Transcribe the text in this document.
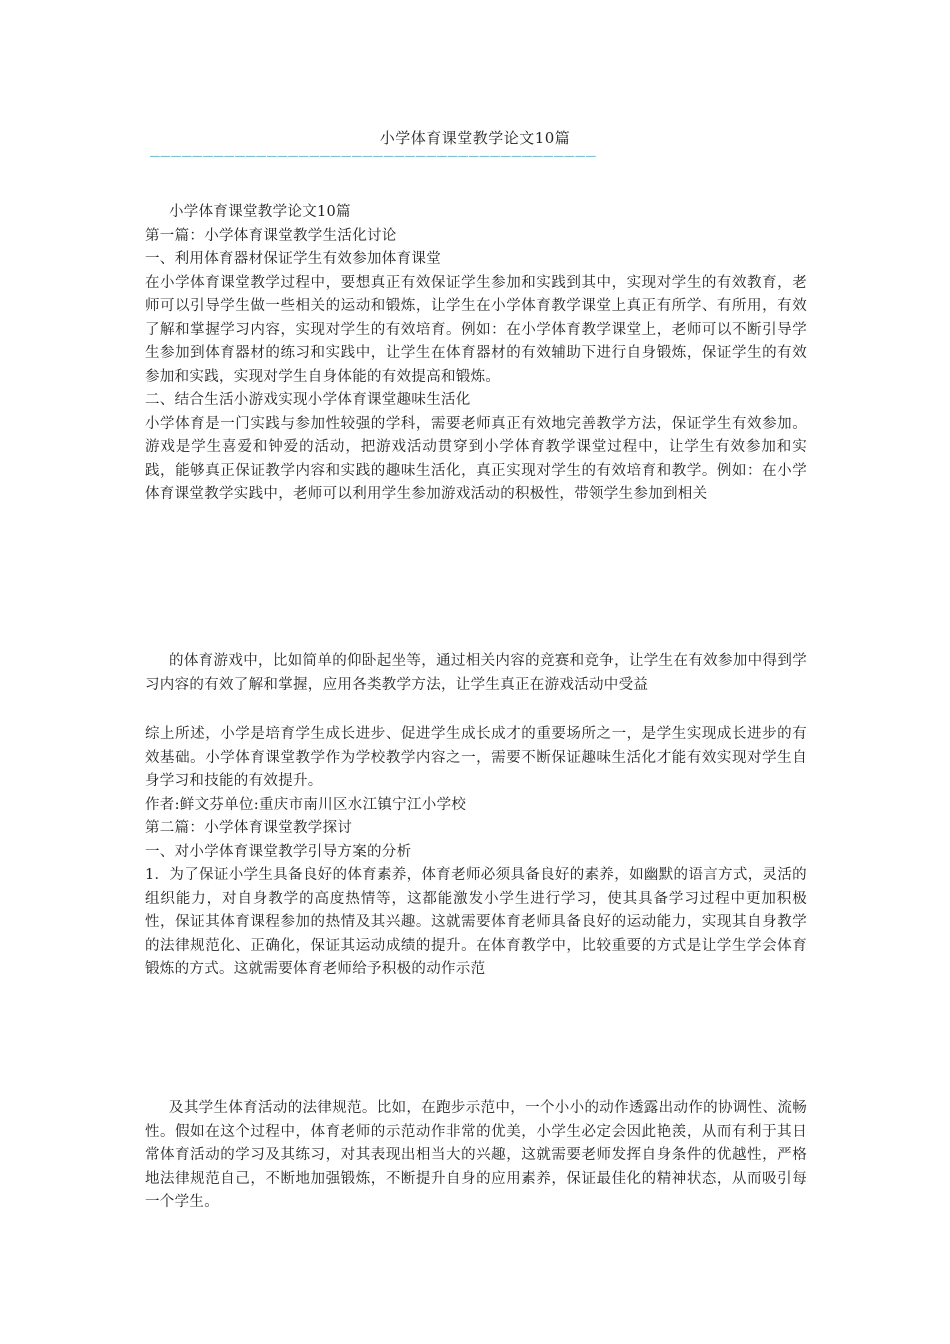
小学体育课堂教学论文10篇
——————————————————————————————————————————

小学体育课堂教学论文10篇

第一篇：小学体育课堂教学生活化讨论

一、利用体育器材保证学生有效参加体育课堂

在小学体育课堂教学过程中，要想真正有效保证学生参加和实践到其中，实现对学生的有效教育，老师可以引导学生做一些相关的运动和锻炼，让学生在小学体育教学课堂上真正有所学、有所用，有效了解和掌握学习内容，实现对学生的有效培育。例如：在小学体育教学课堂上，老师可以不断引导学生参加到体育器材的练习和实践中，让学生在体育器材的有效辅助下进行自身锻炼，保证学生的有效参加和实践，实现对学生自身体能的有效提高和锻炼。

二、结合生活小游戏实现小学体育课堂趣味生活化

小学体育是一门实践与参加性较强的学科，需要老师真正有效地完善教学方法，保证学生有效参加。游戏是学生喜爱和钟爱的活动，把游戏活动贯穿到小学体育教学课堂过程中，让学生有效参加和实践，能够真正保证教学内容和实践的趣味生活化，真正实现对学生的有效培育和教学。例如：在小学体育课堂教学实践中，老师可以利用学生参加游戏活动的积极性，带领学生参加到相关

的体育游戏中，比如简单的仰卧起坐等，通过相关内容的竞赛和竞争，让学生在有效参加中得到学习内容的有效了解和掌握，应用各类教学方法，让学生真正在游戏活动中受益

综上所述，小学是培育学生成长进步、促进学生成长成才的重要场所之一，是学生实现成长进步的有效基础。小学体育课堂教学作为学校教学内容之一，需要不断保证趣味生活化才能有效实现对学生自身学习和技能的有效提升。

作者:鲜文芬单位:重庆市南川区水江镇宁江小学校

第二篇：小学体育课堂教学探讨

一、对小学体育课堂教学引导方案的分析

1．为了保证小学生具备良好的体育素养，体育老师必须具备良好的素养，如幽默的语言方式，灵活的组织能力，对自身教学的高度热情等，这都能激发小学生进行学习，使其具备学习过程中更加积极性，保证其体育课程参加的热情及其兴趣。这就需要体育老师具备良好的运动能力，实现其自身教学的法律规范化、正确化，保证其运动成绩的提升。在体育教学中，比较重要的方式是让学生学会体育锻炼的方式。这就需要体育老师给予积极的动作示范

及其学生体育活动的法律规范。比如，在跑步示范中，一个小小的动作透露出动作的协调性、流畅性。假如在这个过程中，体育老师的示范动作非常的优美，小学生必定会因此艳羡，从而有利于其日常体育活动的学习及其练习，对其表现出相当大的兴趣，这就需要老师发挥自身条件的优越性，严格地法律规范自己，不断地加强锻炼，不断提升自身的应用素养，保证最佳化的精神状态，从而吸引每一个学生。
